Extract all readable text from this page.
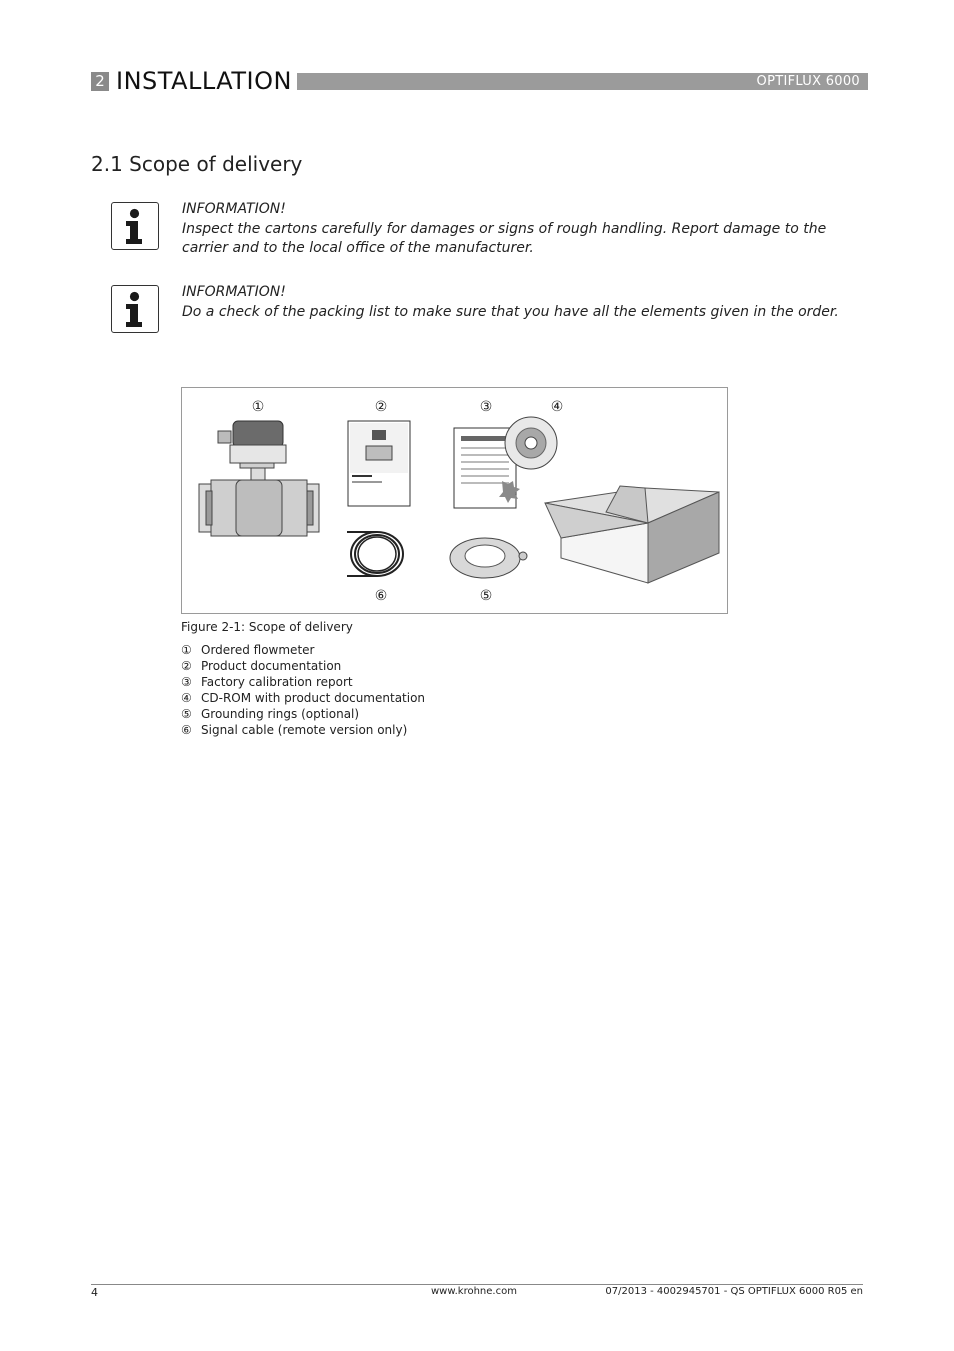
2 INSTALLATION	OPTIFLUX 6000
2.1 Scope of delivery
INFORMATION!
Inspect the cartons carefully for damages or signs of rough handling. Report damage to the carrier and to the local office of the manufacturer.
INFORMATION!
Do a check of the packing list to make sure that you have all the elements given in the order.
①	②	③	④
⑥	⑤
Figure 2-1: Scope of delivery
① Ordered flowmeter
② Product documentation
③ Factory calibration report
④ CD-ROM with product documentation
⑤ Grounding rings (optional)
⑥ Signal cable (remote version only)
4	www.krohne.com	07/2013 - 4002945701 - QS OPTIFLUX 6000 R05 en
